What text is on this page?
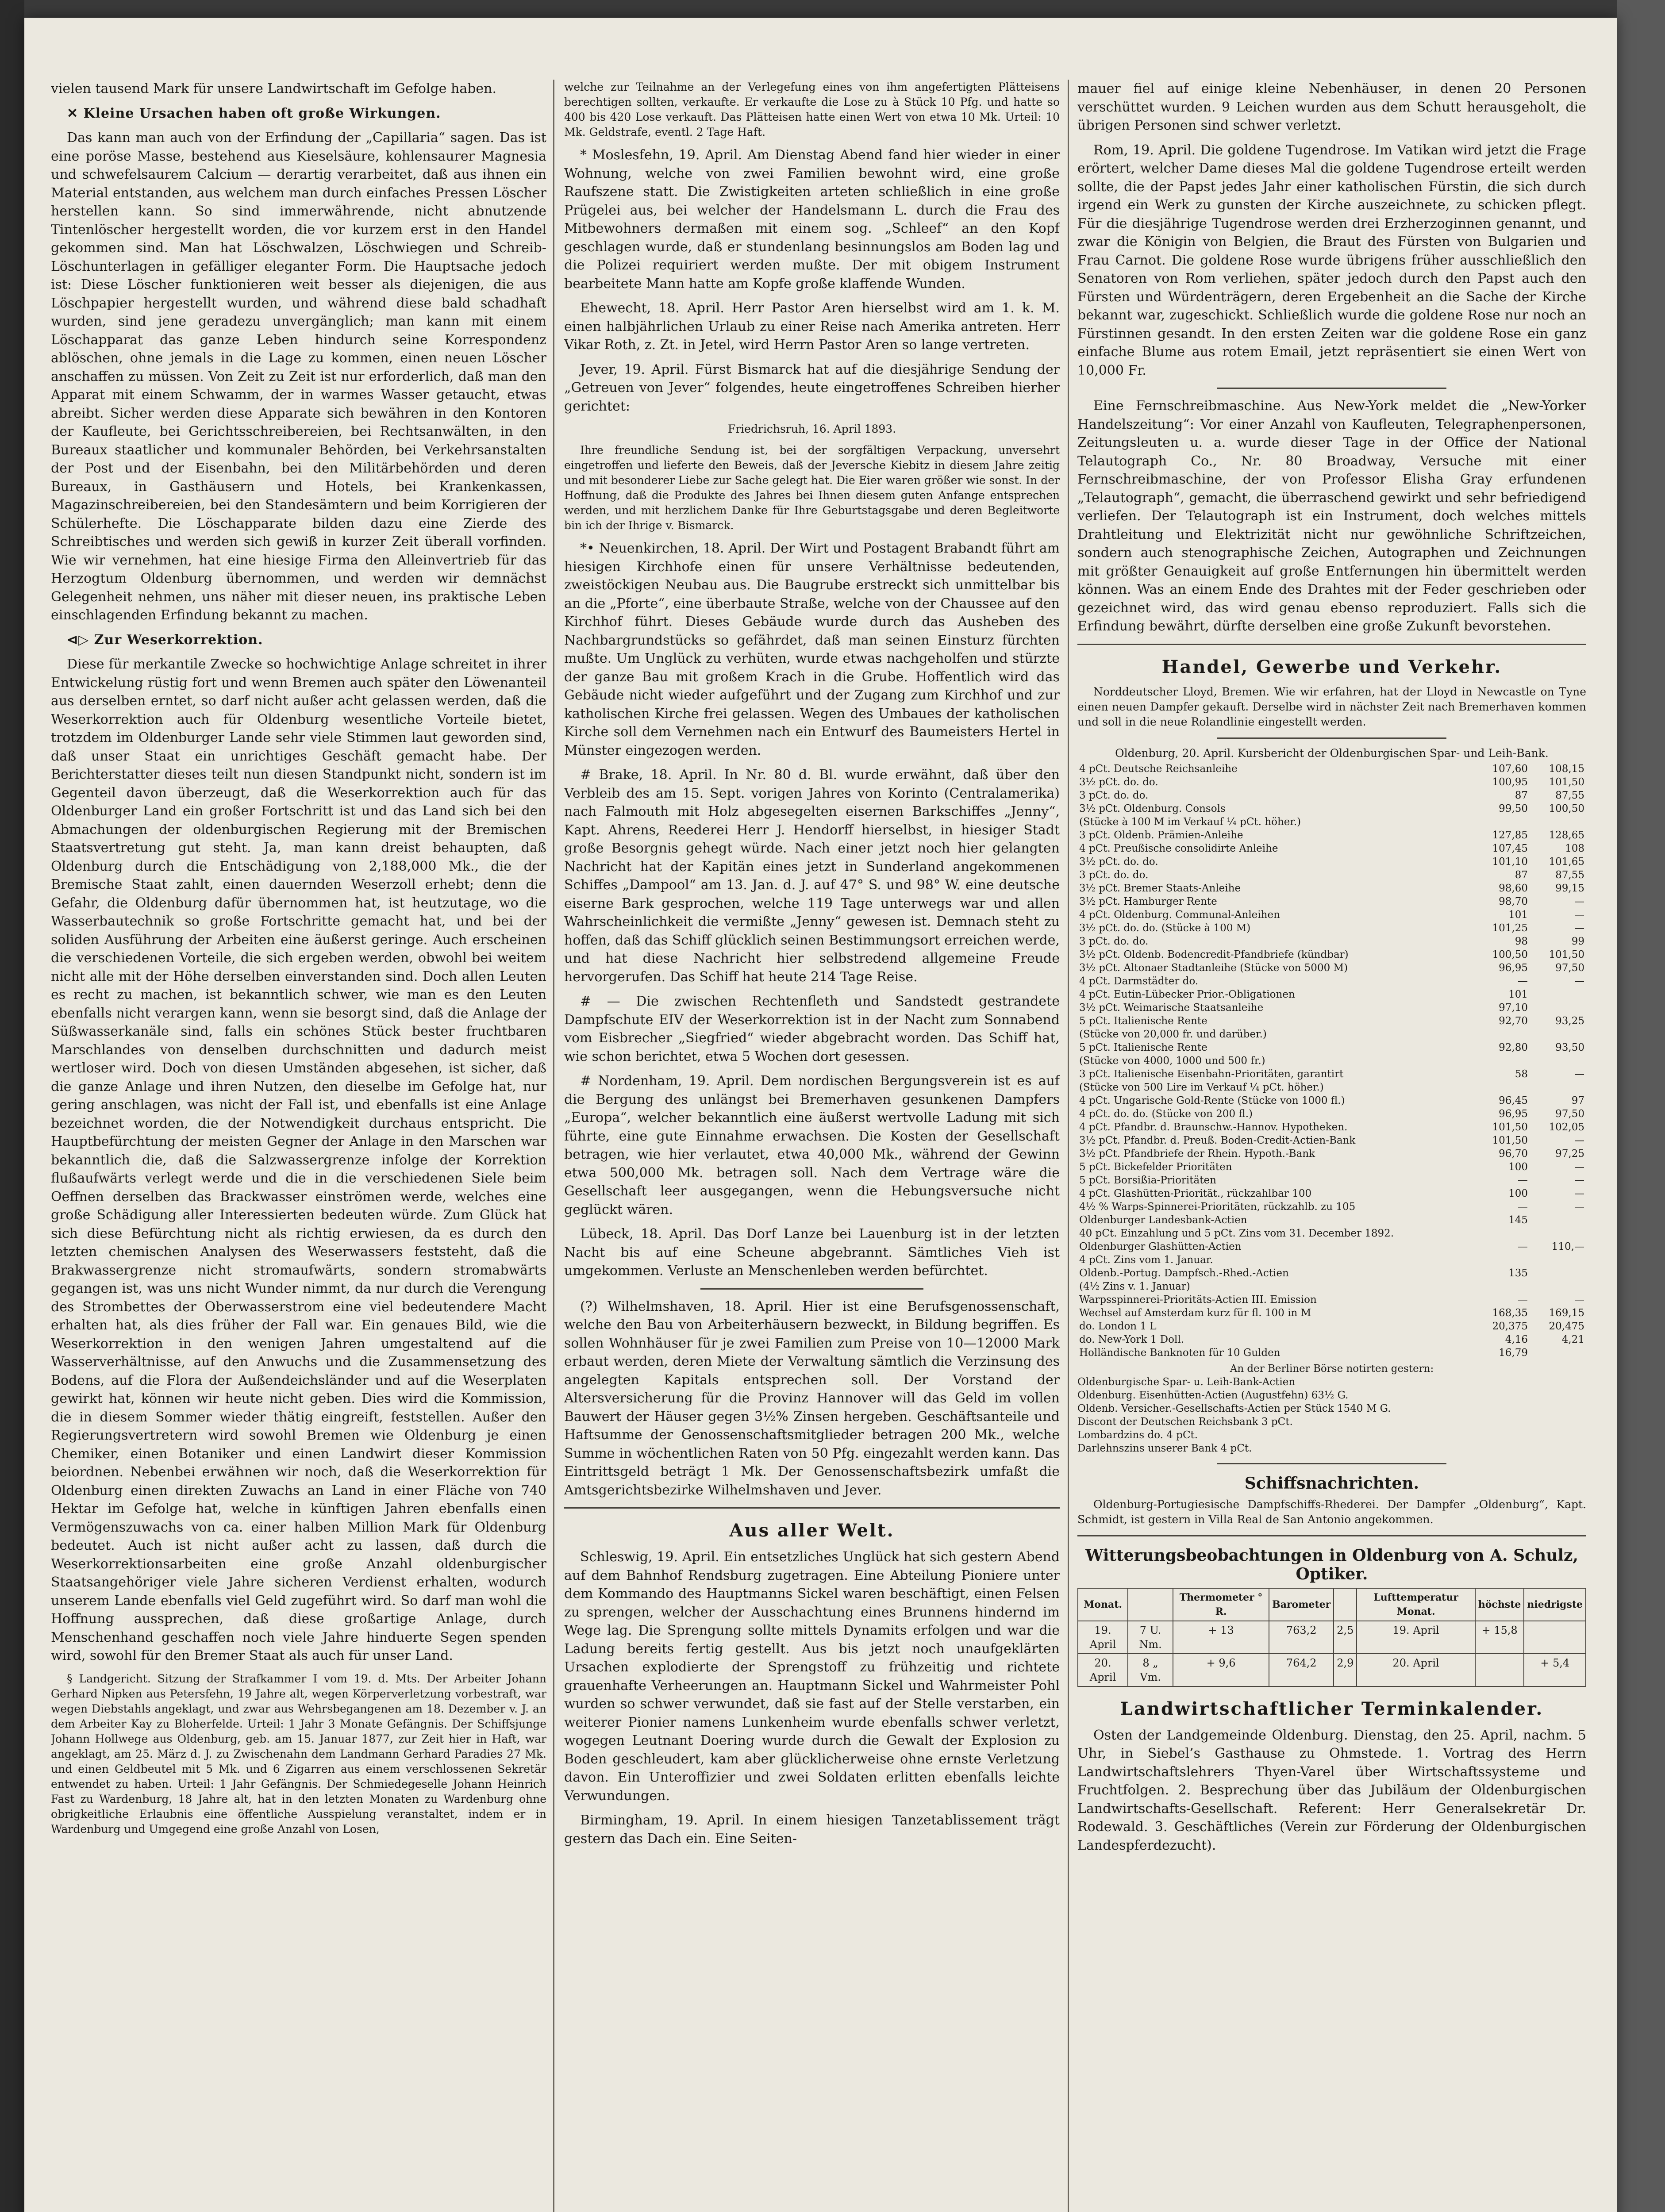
vielen tausend Mark für unsere Landwirtschaft im Gefolge haben.

✕ Kleine Ursachen haben oft große Wirkungen.

Das kann man auch von der Erfindung der „Capillaria“ sagen. Das ist eine poröse Masse, bestehend aus Kieselsäure, kohlensaurer Magnesia und schwefelsaurem Calcium — derartig verarbeitet, daß aus ihnen ein Material entstanden, aus welchem man durch einfaches Pressen Löscher herstellen kann. So sind immerwährende, nicht abnutzende Tintenlöscher hergestellt worden, die vor kurzem erst in den Handel gekommen sind. Man hat Löschwalzen, Löschwiegen und Schreib-Löschunterlagen in gefälliger eleganter Form. Die Hauptsache jedoch ist: Diese Löscher funktionieren weit besser als diejenigen, die aus Löschpapier hergestellt wurden, und während diese bald schadhaft wurden, sind jene geradezu unvergänglich; man kann mit einem Löschapparat das ganze Leben hindurch seine Korrespondenz ablöschen, ohne jemals in die Lage zu kommen, einen neuen Löscher anschaffen zu müssen. Von Zeit zu Zeit ist nur erforderlich, daß man den Apparat mit einem Schwamm, der in warmes Wasser getaucht, etwas abreibt. Sicher werden diese Apparate sich bewähren in den Kontoren der Kaufleute, bei Gerichtsschreibereien, bei Rechtsanwälten, in den Bureaux staatlicher und kommunaler Behörden, bei Verkehrsanstalten der Post und der Eisenbahn, bei den Militärbehörden und deren Bureaux, in Gasthäusern und Hotels, bei Krankenkassen, Magazinschreibereien, bei den Standesämtern und beim Korrigieren der Schülerhefte. Die Löschapparate bilden dazu eine Zierde des Schreibtisches und werden sich gewiß in kurzer Zeit überall vorfinden. Wie wir vernehmen, hat eine hiesige Firma den Alleinvertrieb für das Herzogtum Oldenburg übernommen, und werden wir demnächst Gelegenheit nehmen, uns näher mit dieser neuen, ins praktische Leben einschlagenden Erfindung bekannt zu machen.

⊲▷ Zur Weserkorrektion.

Diese für merkantile Zwecke so hochwichtige Anlage schreitet in ihrer Entwickelung rüstig fort und wenn Bremen auch später den Löwenanteil aus derselben erntet, so darf nicht außer acht gelassen werden, daß die Weserkorrektion auch für Oldenburg wesentliche Vorteile bietet, trotzdem im Oldenburger Lande sehr viele Stimmen laut geworden sind, daß unser Staat ein unrichtiges Geschäft gemacht habe. Der Berichterstatter dieses teilt nun diesen Standpunkt nicht, sondern ist im Gegenteil davon überzeugt, daß die Weserkorrektion auch für das Oldenburger Land ein großer Fortschritt ist und das Land sich bei den Abmachungen der oldenburgischen Regierung mit der Bremischen Staatsvertretung gut steht. Ja, man kann dreist behaupten, daß Oldenburg durch die Entschädigung von 2,188,000 Mk., die der Bremische Staat zahlt, einen dauernden Weserzoll erhebt; denn die Gefahr, die Oldenburg dafür übernommen hat, ist heutzutage, wo die Wasserbautechnik so große Fortschritte gemacht hat, und bei der soliden Ausführung der Arbeiten eine äußerst geringe. Auch erscheinen die verschiedenen Vorteile, die sich ergeben werden, obwohl bei weitem nicht alle mit der Höhe derselben einverstanden sind. Doch allen Leuten es recht zu machen, ist bekanntlich schwer, wie man es den Leuten ebenfalls nicht verargen kann, wenn sie besorgt sind, daß die Anlage der Süßwasserkanäle sind, falls ein schönes Stück bester fruchtbaren Marschlandes von denselben durchschnitten und dadurch meist wertloser wird. Doch von diesen Umständen abgesehen, ist sicher, daß die ganze Anlage und ihren Nutzen, den dieselbe im Gefolge hat, nur gering anschlagen, was nicht der Fall ist, und ebenfalls ist eine Anlage bezeichnet worden, die der Notwendigkeit durchaus entspricht. Die Hauptbefürchtung der meisten Gegner der Anlage in den Marschen war bekanntlich die, daß die Salzwassergrenze infolge der Korrektion flußaufwärts verlegt werde und die in die verschiedenen Siele beim Oeffnen derselben das Brackwasser einströmen werde, welches eine große Schädigung aller Interessierten bedeuten würde. Zum Glück hat sich diese Befürchtung nicht als richtig erwiesen, da es durch den letzten chemischen Analysen des Weserwassers feststeht, daß die Brakwassergrenze nicht stromaufwärts, sondern stromabwärts gegangen ist, was uns nicht Wunder nimmt, da nur durch die Verengung des Strombettes der Oberwasserstrom eine viel bedeutendere Macht erhalten hat, als dies früher der Fall war. Ein genaues Bild, wie die Weserkorrektion in den wenigen Jahren umgestaltend auf die Wasserverhältnisse, auf den Anwuchs und die Zusammensetzung des Bodens, auf die Flora der Außendeichsländer und auf die Weserplaten gewirkt hat, können wir heute nicht geben. Dies wird die Kommission, die in diesem Sommer wieder thätig eingreift, feststellen. Außer den Regierungsvertretern wird sowohl Bremen wie Oldenburg je einen Chemiker, einen Botaniker und einen Landwirt dieser Kommission beiordnen. Nebenbei erwähnen wir noch, daß die Weserkorrektion für Oldenburg einen direkten Zuwachs an Land in einer Fläche von 740 Hektar im Gefolge hat, welche in künftigen Jahren ebenfalls einen Vermögenszuwachs von ca. einer halben Million Mark für Oldenburg bedeutet. Auch ist nicht außer acht zu lassen, daß durch die Weserkorrektionsarbeiten eine große Anzahl oldenburgischer Staatsangehöriger viele Jahre sicheren Verdienst erhalten, wodurch unserem Lande ebenfalls viel Geld zugeführt wird. So darf man wohl die Hoffnung aussprechen, daß diese großartige Anlage, durch Menschenhand geschaffen noch viele Jahre hinduerte Segen spenden wird, sowohl für den Bremer Staat als auch für unser Land.

§ Landgericht. Sitzung der Strafkammer I vom 19. d. Mts. Der Arbeiter Johann Gerhard Nipken aus Petersfehn, 19 Jahre alt, wegen Körperverletzung vorbestraft, war wegen Diebstahls angeklagt, und zwar aus Wehrsbegangenen am 18. Dezember v. J. an dem Arbeiter Kay zu Bloherfelde. Urteil: 1 Jahr 3 Monate Gefängnis. Der Schiffsjunge Johann Hollwege aus Oldenburg, geb. am 15. Januar 1877, zur Zeit hier in Haft, war angeklagt, am 25. März d. J. zu Zwischenahn dem Landmann Gerhard Paradies 27 Mk. und einen Geldbeutel mit 5 Mk. und 6 Zigarren aus einem verschlossenen Sekretär entwendet zu haben. Urteil: 1 Jahr Gefängnis. Der Schmiedegeselle Johann Heinrich Fast zu Wardenburg, 18 Jahre alt, hat in den letzten Monaten zu Wardenburg ohne obrigkeitliche Erlaubnis eine öffentliche Ausspielung veranstaltet, indem er in Wardenburg und Umgegend eine große Anzahl von Losen,

welche zur Teilnahme an der Verlegefung eines von ihm angefertigten Plätteisens berechtigen sollten, verkaufte. Er verkaufte die Lose zu à Stück 10 Pfg. und hatte so 400 bis 420 Lose verkauft. Das Plätteisen hatte einen Wert von etwa 10 Mk. Urteil: 10 Mk. Geldstrafe, eventl. 2 Tage Haft.

* Moslesfehn, 19. April. Am Dienstag Abend fand hier wieder in einer Wohnung, welche von zwei Familien bewohnt wird, eine große Raufszene statt. Die Zwistigkeiten arteten schließlich in eine große Prügelei aus, bei welcher der Handelsmann L. durch die Frau des Mitbewohners dermaßen mit einem sog. „Schleef“ an den Kopf geschlagen wurde, daß er stundenlang besinnungslos am Boden lag und die Polizei requiriert werden mußte. Der mit obigem Instrument bearbeitete Mann hatte am Kopfe große klaffende Wunden.

Ehewecht, 18. April. Herr Pastor Aren hierselbst wird am 1. k. M. einen halbjährlichen Urlaub zu einer Reise nach Amerika antreten. Herr Vikar Roth, z. Zt. in Jetel, wird Herrn Pastor Aren so lange vertreten.

Jever, 19. April. Fürst Bismarck hat auf die diesjährige Sendung der „Getreuen von Jever“ folgendes, heute eingetroffenes Schreiben hierher gerichtet:

Friedrichsruh, 16. April 1893.

Ihre freundliche Sendung ist, bei der sorgfältigen Verpackung, unversehrt eingetroffen und lieferte den Beweis, daß der Jeversche Kiebitz in diesem Jahre zeitig und mit besonderer Liebe zur Sache gelegt hat. Die Eier waren größer wie sonst. In der Hoffnung, daß die Produkte des Jahres bei Ihnen diesem guten Anfange entsprechen werden, und mit herzlichem Danke für Ihre Geburtstagsgabe und deren Begleitworte bin ich der Ihrige v. Bismarck.

*• Neuenkirchen, 18. April. Der Wirt und Postagent Brabandt führt am hiesigen Kirchhofe einen für unsere Verhältnisse bedeutenden, zweistöckigen Neubau aus. Die Baugrube erstreckt sich unmittelbar bis an die „Pforte“, eine überbaute Straße, welche von der Chaussee auf den Kirchhof führt. Dieses Gebäude wurde durch das Ausheben des Nachbargrundstücks so gefährdet, daß man seinen Einsturz fürchten mußte. Um Unglück zu verhüten, wurde etwas nachgeholfen und stürzte der ganze Bau mit großem Krach in die Grube. Hoffentlich wird das Gebäude nicht wieder aufgeführt und der Zugang zum Kirchhof und zur katholischen Kirche frei gelassen. Wegen des Umbaues der katholischen Kirche soll dem Vernehmen nach ein Entwurf des Baumeisters Hertel in Münster eingezogen werden.

# Brake, 18. April. In Nr. 80 d. Bl. wurde erwähnt, daß über den Verbleib des am 15. Sept. vorigen Jahres von Korinto (Centralamerika) nach Falmouth mit Holz abgesegelten eisernen Barkschiffes „Jenny“, Kapt. Ahrens, Reederei Herr J. Hendorff hierselbst, in hiesiger Stadt große Besorgnis gehegt würde. Nach einer jetzt noch hier gelangten Nachricht hat der Kapitän eines jetzt in Sunderland angekommenen Schiffes „Dampool“ am 13. Jan. d. J. auf 47° S. und 98° W. eine deutsche eiserne Bark gesprochen, welche 119 Tage unterwegs war und allen Wahrscheinlichkeit die vermißte „Jenny“ gewesen ist. Demnach steht zu hoffen, daß das Schiff glücklich seinen Bestimmungsort erreichen werde, und hat diese Nachricht hier selbstredend allgemeine Freude hervorgerufen. Das Schiff hat heute 214 Tage Reise.

# — Die zwischen Rechtenfleth und Sandstedt gestrandete Dampfschute EIV der Weserkorrektion ist in der Nacht zum Sonnabend vom Eisbrecher „Siegfried“ wieder abgebracht worden. Das Schiff hat, wie schon berichtet, etwa 5 Wochen dort gesessen.

# Nordenham, 19. April. Dem nordischen Bergungsverein ist es auf die Bergung des unlängst bei Bremerhaven gesunkenen Dampfers „Europa“, welcher bekanntlich eine äußerst wertvolle Ladung mit sich führte, eine gute Einnahme erwachsen. Die Kosten der Gesellschaft betragen, wie hier verlautet, etwa 40,000 Mk., während der Gewinn etwa 500,000 Mk. betragen soll. Nach dem Vertrage wäre die Gesellschaft leer ausgegangen, wenn die Hebungsversuche nicht geglückt wären.

Lübeck, 18. April. Das Dorf Lanze bei Lauenburg ist in der letzten Nacht bis auf eine Scheune abgebrannt. Sämtliches Vieh ist umgekommen. Verluste an Menschenleben werden befürchtet.

(?) Wilhelmshaven, 18. April. Hier ist eine Berufsgenossenschaft, welche den Bau von Arbeiterhäusern bezweckt, in Bildung begriffen. Es sollen Wohnhäuser für je zwei Familien zum Preise von 10—12000 Mark erbaut werden, deren Miete der Verwaltung sämtlich die Verzinsung des angelegten Kapitals entsprechen soll. Der Vorstand der Altersversicherung für die Provinz Hannover will das Geld im vollen Bauwert der Häuser gegen 3½% Zinsen hergeben. Geschäftsanteile und Haftsumme der Genossenschaftsmitglieder betragen 200 Mk., welche Summe in wöchentlichen Raten von 50 Pfg. eingezahlt werden kann. Das Eintrittsgeld beträgt 1 Mk. Der Genossenschaftsbezirk umfaßt die Amtsgerichtsbezirke Wilhelmshaven und Jever.

Aus aller Welt.

Schleswig, 19. April. Ein entsetzliches Unglück hat sich gestern Abend auf dem Bahnhof Rendsburg zugetragen. Eine Abteilung Pioniere unter dem Kommando des Hauptmanns Sickel waren beschäftigt, einen Felsen zu sprengen, welcher der Ausschachtung eines Brunnens hindernd im Wege lag. Die Sprengung sollte mittels Dynamits erfolgen und war die Ladung bereits fertig gestellt. Aus bis jetzt noch unaufgeklärten Ursachen explodierte der Sprengstoff zu frühzeitig und richtete grauenhafte Verheerungen an. Hauptmann Sickel und Wahrmeister Pohl wurden so schwer verwundet, daß sie fast auf der Stelle verstarben, ein weiterer Pionier namens Lunkenheim wurde ebenfalls schwer verletzt, wogegen Leutnant Doering wurde durch die Gewalt der Explosion zu Boden geschleudert, kam aber glücklicherweise ohne ernste Verletzung davon. Ein Unteroffizier und zwei Soldaten erlitten ebenfalls leichte Verwundungen.

Birmingham, 19. April. In einem hiesigen Tanzetablissement trägt gestern das Dach ein. Eine Seiten-

mauer fiel auf einige kleine Nebenhäuser, in denen 20 Personen verschüttet wurden. 9 Leichen wurden aus dem Schutt herausgeholt, die übrigen Personen sind schwer verletzt.

Rom, 19. April. Die goldene Tugendrose. Im Vatikan wird jetzt die Frage erörtert, welcher Dame dieses Mal die goldene Tugendrose erteilt werden sollte, die der Papst jedes Jahr einer katholischen Fürstin, die sich durch irgend ein Werk zu gunsten der Kirche auszeichnete, zu schicken pflegt. Für die diesjährige Tugendrose werden drei Erzherzoginnen genannt, und zwar die Königin von Belgien, die Braut des Fürsten von Bulgarien und Frau Carnot. Die goldene Rose wurde übrigens früher ausschließlich den Senatoren von Rom verliehen, später jedoch durch den Papst auch den Fürsten und Würdenträgern, deren Ergebenheit an die Sache der Kirche bekannt war, zugeschickt. Schließlich wurde die goldene Rose nur noch an Fürstinnen gesandt. In den ersten Zeiten war die goldene Rose ein ganz einfache Blume aus rotem Email, jetzt repräsentiert sie einen Wert von 10,000 Fr.

Eine Fernschreibmaschine. Aus New-York meldet die „New-Yorker Handelszeitung“: Vor einer Anzahl von Kaufleuten, Telegraphenpersonen, Zeitungsleuten u. a. wurde dieser Tage in der Office der National Telautograph Co., Nr. 80 Broadway, Versuche mit einer Fernschreibmaschine, der von Professor Elisha Gray erfundenen „Telautograph“, gemacht, die überraschend gewirkt und sehr befriedigend verliefen. Der Telautograph ist ein Instrument, doch welches mittels Drahtleitung und Elektrizität nicht nur gewöhnliche Schriftzeichen, sondern auch stenographische Zeichen, Autographen und Zeichnungen mit größter Genauigkeit auf große Entfernungen hin übermittelt werden können. Was an einem Ende des Drahtes mit der Feder geschrieben oder gezeichnet wird, das wird genau ebenso reproduziert. Falls sich die Erfindung bewährt, dürfte derselben eine große Zukunft bevorstehen.

Handel, Gewerbe und Verkehr.

Norddeutscher Lloyd, Bremen. Wie wir erfahren, hat der Lloyd in Newcastle on Tyne einen neuen Dampfer gekauft. Derselbe wird in nächster Zeit nach Bremerhaven kommen und soll in die neue Rolandlinie eingestellt werden.

Oldenburg, 20. April. Kursbericht der Oldenburgischen Spar- und Leih-Bank.
4 pCt. Deutsche Reichsanleihe	107,60	108,15
3½ pCt. do. do.	100,95	101,50
3 pCt. do. do.	87	87,55
3½ pCt. Oldenburg. Consols	99,50	100,50
(Stücke à 100 M im Verkauf ¼ pCt. höher.)		
3 pCt. Oldenb. Prämien-Anleihe	127,85	128,65
4 pCt. Preußische consolidirte Anleihe	107,45	108
3½ pCt. do. do.	101,10	101,65
3 pCt. do. do.	87	87,55
3½ pCt. Bremer Staats-Anleihe	98,60	99,15
3½ pCt. Hamburger Rente	98,70	—
4 pCt. Oldenburg. Communal-Anleihen	101	—
3½ pCt. do. do. (Stücke à 100 M)	101,25	—
3 pCt. do. do.	98	99
3½ pCt. Oldenb. Bodencredit-Pfandbriefe (kündbar)	100,50	101,50
3½ pCt. Altonaer Stadtanleihe (Stücke von 5000 M)	96,95	97,50
4 pCt. Darmstädter do.	—	—
4 pCt. Eutin-Lübecker Prior.-Obligationen	101	
3½ pCt. Weimarische Staatsanleihe	97,10	
5 pCt. Italienische Rente	92,70	93,25
(Stücke von 20,000 fr. und darüber.)		
5 pCt. Italienische Rente	92,80	93,50
(Stücke von 4000, 1000 und 500 fr.)		
3 pCt. Italienische Eisenbahn-Prioritäten, garantirt	58	—
(Stücke von 500 Lire im Verkauf ¼ pCt. höher.)		
4 pCt. Ungarische Gold-Rente (Stücke von 1000 fl.)	96,45	97
4 pCt. do. do. (Stücke von 200 fl.)	96,95	97,50
4 pCt. Pfandbr. d. Braunschw.-Hannov. Hypotheken.	101,50	102,05
3½ pCt. Pfandbr. d. Preuß. Boden-Credit-Actien-Bank	101,50	—
3½ pCt. Pfandbriefe der Rhein. Hypoth.-Bank	96,70	97,25
5 pCt. Bickefelder Prioritäten	100	—
5 pCt. Borsißia-Prioritäten	—	—
4 pCt. Glashütten-Priorität., rückzahlbar 100	100	—
4½ % Warps-Spinnerei-Prioritäten, rückzahlb. zu 105	—	—
Oldenburger Landesbank-Actien	145	
40 pCt. Einzahlung und 5 pCt. Zins vom 31. December 1892.		
Oldenburger Glashütten-Actien	—	110,—
4 pCt. Zins vom 1. Januar.		
Oldenb.-Portug. Dampfsch.-Rhed.-Actien	135	
(4½ Zins v. 1. Januar)		
Warpsspinnerei-Prioritäts-Actien III. Emission	—	—
Wechsel auf Amsterdam kurz für fl. 100 in M	168,35	169,15
do. London 1 L	20,375	20,475
do. New-York 1 Doll.	4,16	4,21
Holländische Banknoten für 10 Gulden	16,79	
An der Berliner Börse notirten gestern:
Oldenburgische Spar- u. Leih-Bank-Actien
Oldenburg. Eisenhütten-Actien (Augustfehn) 63½ G.
Oldenb. Versicher.-Gesellschafts-Actien per Stück 1540 M G.
Discont der Deutschen Reichsbank 3 pCt.
Lombardzins do. 4 pCt.
Darlehnszins unserer Bank 4 pCt.
Schiffsnachrichten.

Oldenburg-Portugiesische Dampfschiffs-Rhederei. Der Dampfer „Oldenburg“, Kapt. Schmidt, ist gestern in Villa Real de San Antonio angekommen.

Witterungsbeobachtungen in Oldenburg von A. Schulz, Optiker.
Monat.		Thermometer ° R.	Barometer		Lufttemperatur Monat.	höchste	niedrigste
19. April	7 U. Nm.	+ 13	763,2	2,5	19. April	+ 15,8	
20. April	8 „ Vm.	+ 9,6	764,2	2,9	20. April		+ 5,4
Landwirtschaftlicher Terminkalender.

Osten der Landgemeinde Oldenburg. Dienstag, den 25. April, nachm. 5 Uhr, in Siebel’s Gasthause zu Ohmstede. 1. Vortrag des Herrn Landwirtschaftslehrers Thyen-Varel über Wirtschaftssysteme und Fruchtfolgen. 2. Besprechung über das Jubiläum der Oldenburgischen Landwirtschafts-Gesellschaft. Referent: Herr Generalsekretär Dr. Rodewald. 3. Geschäftliches (Verein zur Förderung der Oldenburgischen Landespferdezucht).
